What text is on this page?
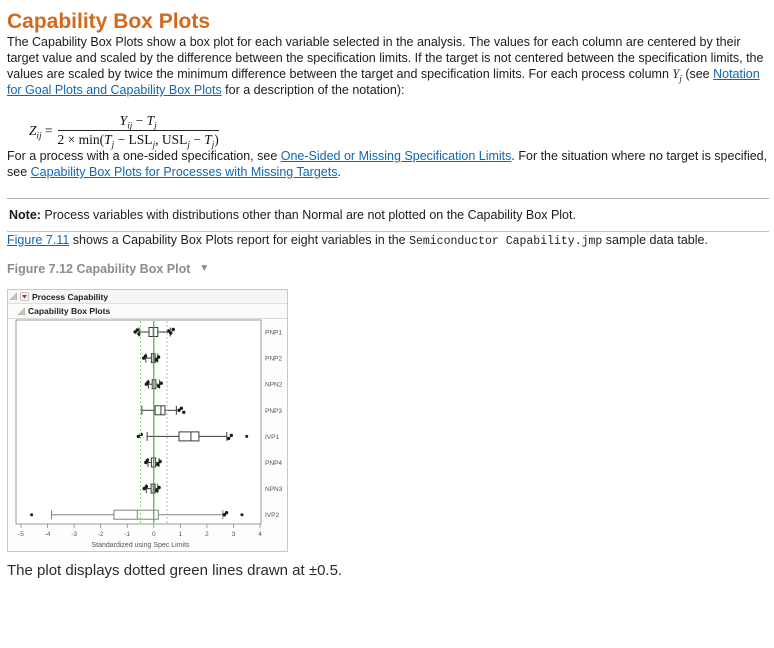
Capability Box Plots

The Capability Box Plots show a box plot for each variable selected in the analysis. The values for each column are centered by their target value and scaled by the difference between the specification limits. If the target is not centered between the specification limits, the values are scaled by twice the minimum difference between the target and specification limits. For each process column $Y_j$ (see Notation for Goal Plots and Capability Box Plots for a description of the notation):

$Z_{ij} = \frac{Y_{ij} - T_j}{2 \times \min(T_j - LSL_j, USL_j - T_j)}$

For a process with a one-sided specification, see One-Sided or Missing Specification Limits. For the situation where no target is specified, see Capability Box Plots for Processes with Missing Targets.

Note: Process variables with distributions other than Normal are not plotted on the Capability Box Plot.

Figure 7.11 shows a Capability Box Plots report for eight variables in the Semiconductor Capability.jmp sample data table.

Figure 7.12 Capability Box Plot ▼
Process Capability
Capability Box Plots
PNP1
PNP2
NPN2
PNP3
IVP1
PNP4
NPN3
IVP2
-5	-4	-3	-2	-1	0	1	2	3	4
Standardized using Spec Limits

The plot displays dotted green lines drawn at ±0.5.
